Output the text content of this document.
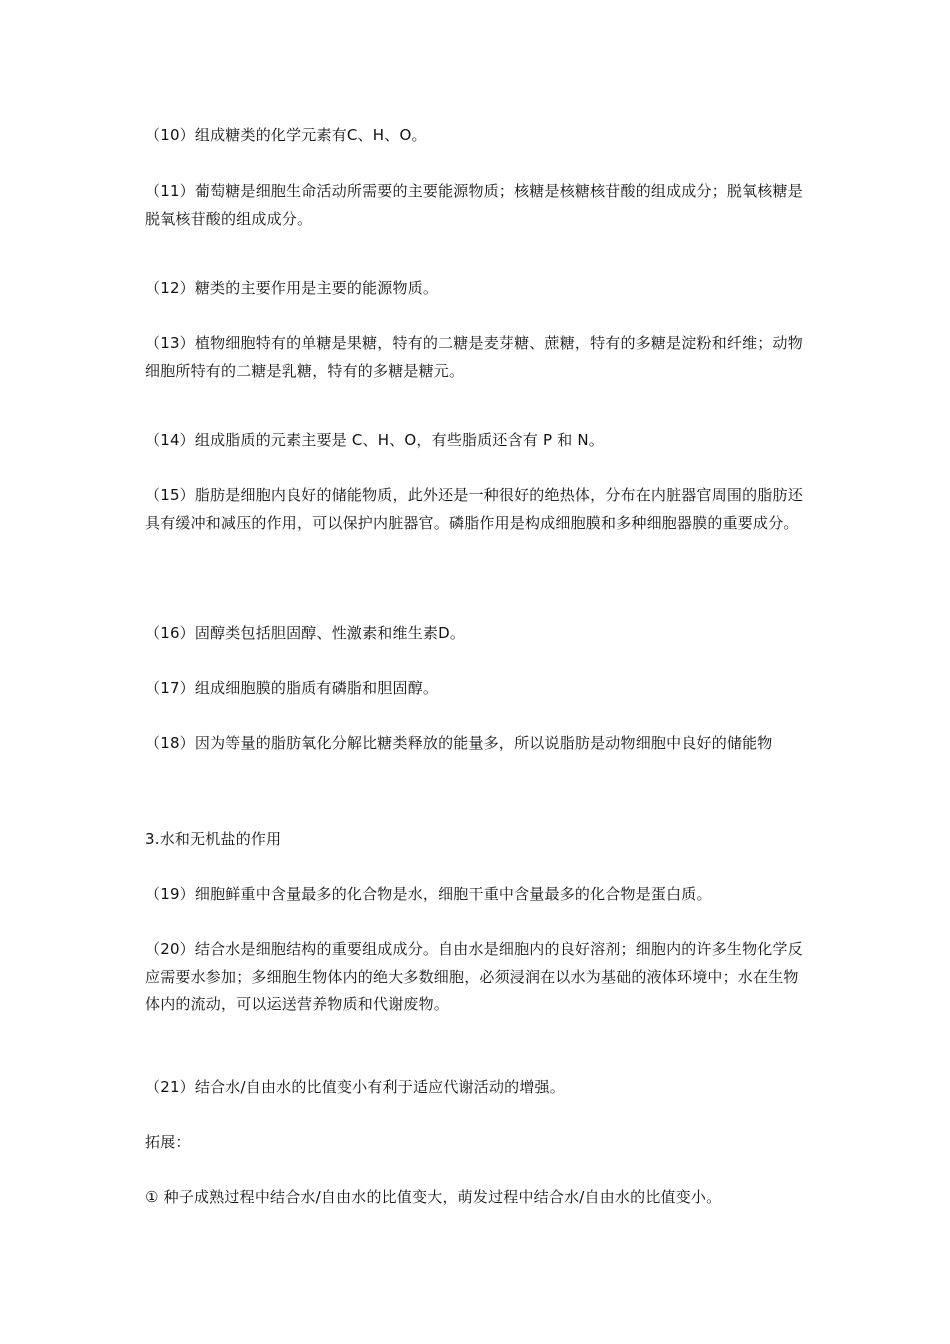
（10）组成糖类的化学元素有C、H、O。

（11）葡萄糖是细胞生命活动所需要的主要能源物质；核糖是核糖核苷酸的组成成分；脱氧核糖是脱氧核苷酸的组成成分。

（12）糖类的主要作用是主要的能源物质。

（13）植物细胞特有的单糖是果糖，特有的二糖是麦芽糖、蔗糖，特有的多糖是淀粉和纤维；动物细胞所特有的二糖是乳糖，特有的多糖是糖元。

（14）组成脂质的元素主要是 C、H、O，有些脂质还含有 P 和 N。

（15）脂肪是细胞内良好的储能物质，此外还是一种很好的绝热体，分布在内脏器官周围的脂肪还具有缓冲和减压的作用，可以保护内脏器官。磷脂作用是构成细胞膜和多种细胞器膜的重要成分。

（16）固醇类包括胆固醇、性激素和维生素D。

（17）组成细胞膜的脂质有磷脂和胆固醇。

（18）因为等量的脂肪氧化分解比糖类释放的能量多，所以说脂肪是动物细胞中良好的储能物

3.水和无机盐的作用

（19）细胞鲜重中含量最多的化合物是水，细胞干重中含量最多的化合物是蛋白质。

（20）结合水是细胞结构的重要组成成分。自由水是细胞内的良好溶剂；细胞内的许多生物化学反应需要水参加；多细胞生物体内的绝大多数细胞，必须浸润在以水为基础的液体环境中；水在生物体内的流动，可以运送营养物质和代谢废物。

（21）结合水/自由水的比值变小有利于适应代谢活动的增强。

拓展：

① 种子成熟过程中结合水/自由水的比值变大，萌发过程中结合水/自由水的比值变小。
